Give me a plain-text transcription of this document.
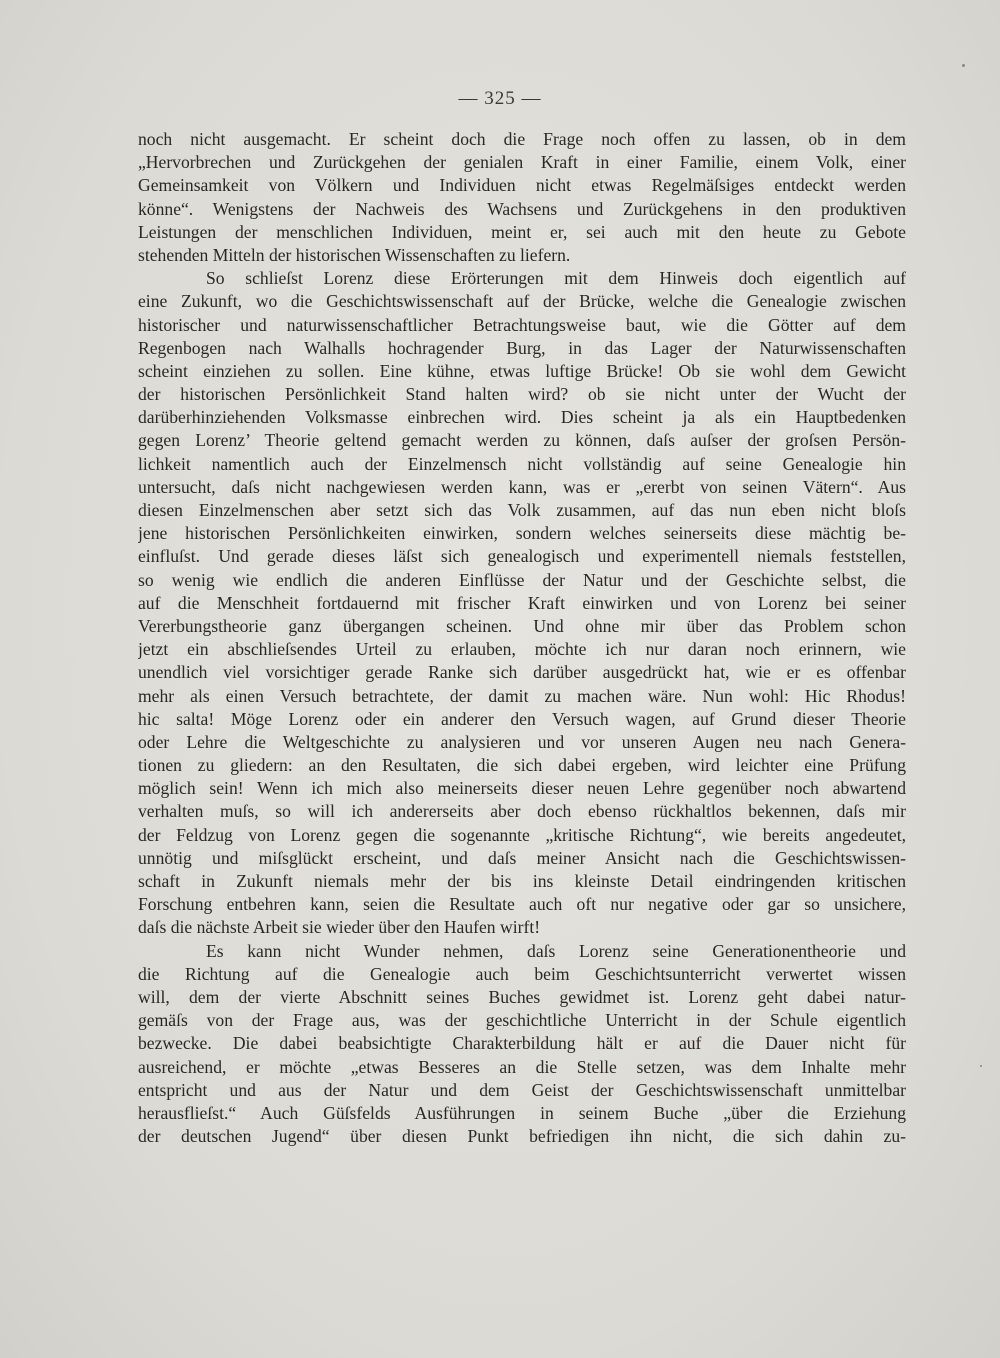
— 325 —
noch nicht ausgemacht. Er scheint doch die Frage noch offen zu lassen, ob in dem
„Hervorbrechen und Zurückgehen der genialen Kraft in einer Familie, einem Volk, einer
Gemeinsamkeit von Völkern und Individuen nicht etwas Regelmäſsiges entdeckt werden
könne“. Wenigstens der Nachweis des Wachsens und Zurückgehens in den produktiven
Leistungen der menschlichen Individuen, meint er, sei auch mit den heute zu Gebote
stehenden Mitteln der historischen Wissenschaften zu liefern.
So schlieſst Lorenz diese Erörterungen mit dem Hinweis doch eigentlich auf
eine Zukunft, wo die Geschichtswissenschaft auf der Brücke, welche die Genealogie zwischen
historischer und naturwissenschaftlicher Betrachtungsweise baut, wie die Götter auf dem
Regenbogen nach Walhalls hochragender Burg, in das Lager der Naturwissenschaften
scheint einziehen zu sollen. Eine kühne, etwas luftige Brücke! Ob sie wohl dem Gewicht
der historischen Persönlichkeit Stand halten wird? ob sie nicht unter der Wucht der
darüberhinziehenden Volksmasse einbrechen wird. Dies scheint ja als ein Hauptbedenken
gegen Lorenz’ Theorie geltend gemacht werden zu können, daſs auſser der groſsen Persön-
lichkeit namentlich auch der Einzelmensch nicht vollständig auf seine Genealogie hin
untersucht, daſs nicht nachgewiesen werden kann, was er „ererbt von seinen Vätern“. Aus
diesen Einzelmenschen aber setzt sich das Volk zusammen, auf das nun eben nicht bloſs
jene historischen Persönlichkeiten einwirken, sondern welches seinerseits diese mächtig be-
einfluſst. Und gerade dieses läſst sich genealogisch und experimentell niemals feststellen,
so wenig wie endlich die anderen Einflüsse der Natur und der Geschichte selbst, die
auf die Menschheit fortdauernd mit frischer Kraft einwirken und von Lorenz bei seiner
Vererbungstheorie ganz übergangen scheinen. Und ohne mir über das Problem schon
jetzt ein abschlieſsendes Urteil zu erlauben, möchte ich nur daran noch erinnern, wie
unendlich viel vorsichtiger gerade Ranke sich darüber ausgedrückt hat, wie er es offenbar
mehr als einen Versuch betrachtete, der damit zu machen wäre. Nun wohl: Hic Rhodus!
hic salta! Möge Lorenz oder ein anderer den Versuch wagen, auf Grund dieser Theorie
oder Lehre die Weltgeschichte zu analysieren und vor unseren Augen neu nach Genera-
tionen zu gliedern: an den Resultaten, die sich dabei ergeben, wird leichter eine Prüfung
möglich sein! Wenn ich mich also meinerseits dieser neuen Lehre gegenüber noch abwartend
verhalten muſs, so will ich andererseits aber doch ebenso rückhaltlos bekennen, daſs mir
der Feldzug von Lorenz gegen die sogenannte „kritische Richtung“, wie bereits angedeutet,
unnötig und miſsglückt erscheint, und daſs meiner Ansicht nach die Geschichtswissen-
schaft in Zukunft niemals mehr der bis ins kleinste Detail eindringenden kritischen
Forschung entbehren kann, seien die Resultate auch oft nur negative oder gar so unsichere,
daſs die nächste Arbeit sie wieder über den Haufen wirft!
Es kann nicht Wunder nehmen, daſs Lorenz seine Generationentheorie und
die Richtung auf die Genealogie auch beim Geschichtsunterricht verwertet wissen
will, dem der vierte Abschnitt seines Buches gewidmet ist. Lorenz geht dabei natur-
gemäſs von der Frage aus, was der geschichtliche Unterricht in der Schule eigentlich
bezwecke. Die dabei beabsichtigte Charakterbildung hält er auf die Dauer nicht für
ausreichend, er möchte „etwas Besseres an die Stelle setzen, was dem Inhalte mehr
entspricht und aus der Natur und dem Geist der Geschichtswissenschaft unmittelbar
herausflieſst.“ Auch Güſsfelds Ausführungen in seinem Buche „über die Erziehung
der deutschen Jugend“ über diesen Punkt befriedigen ihn nicht, die sich dahin zu-
